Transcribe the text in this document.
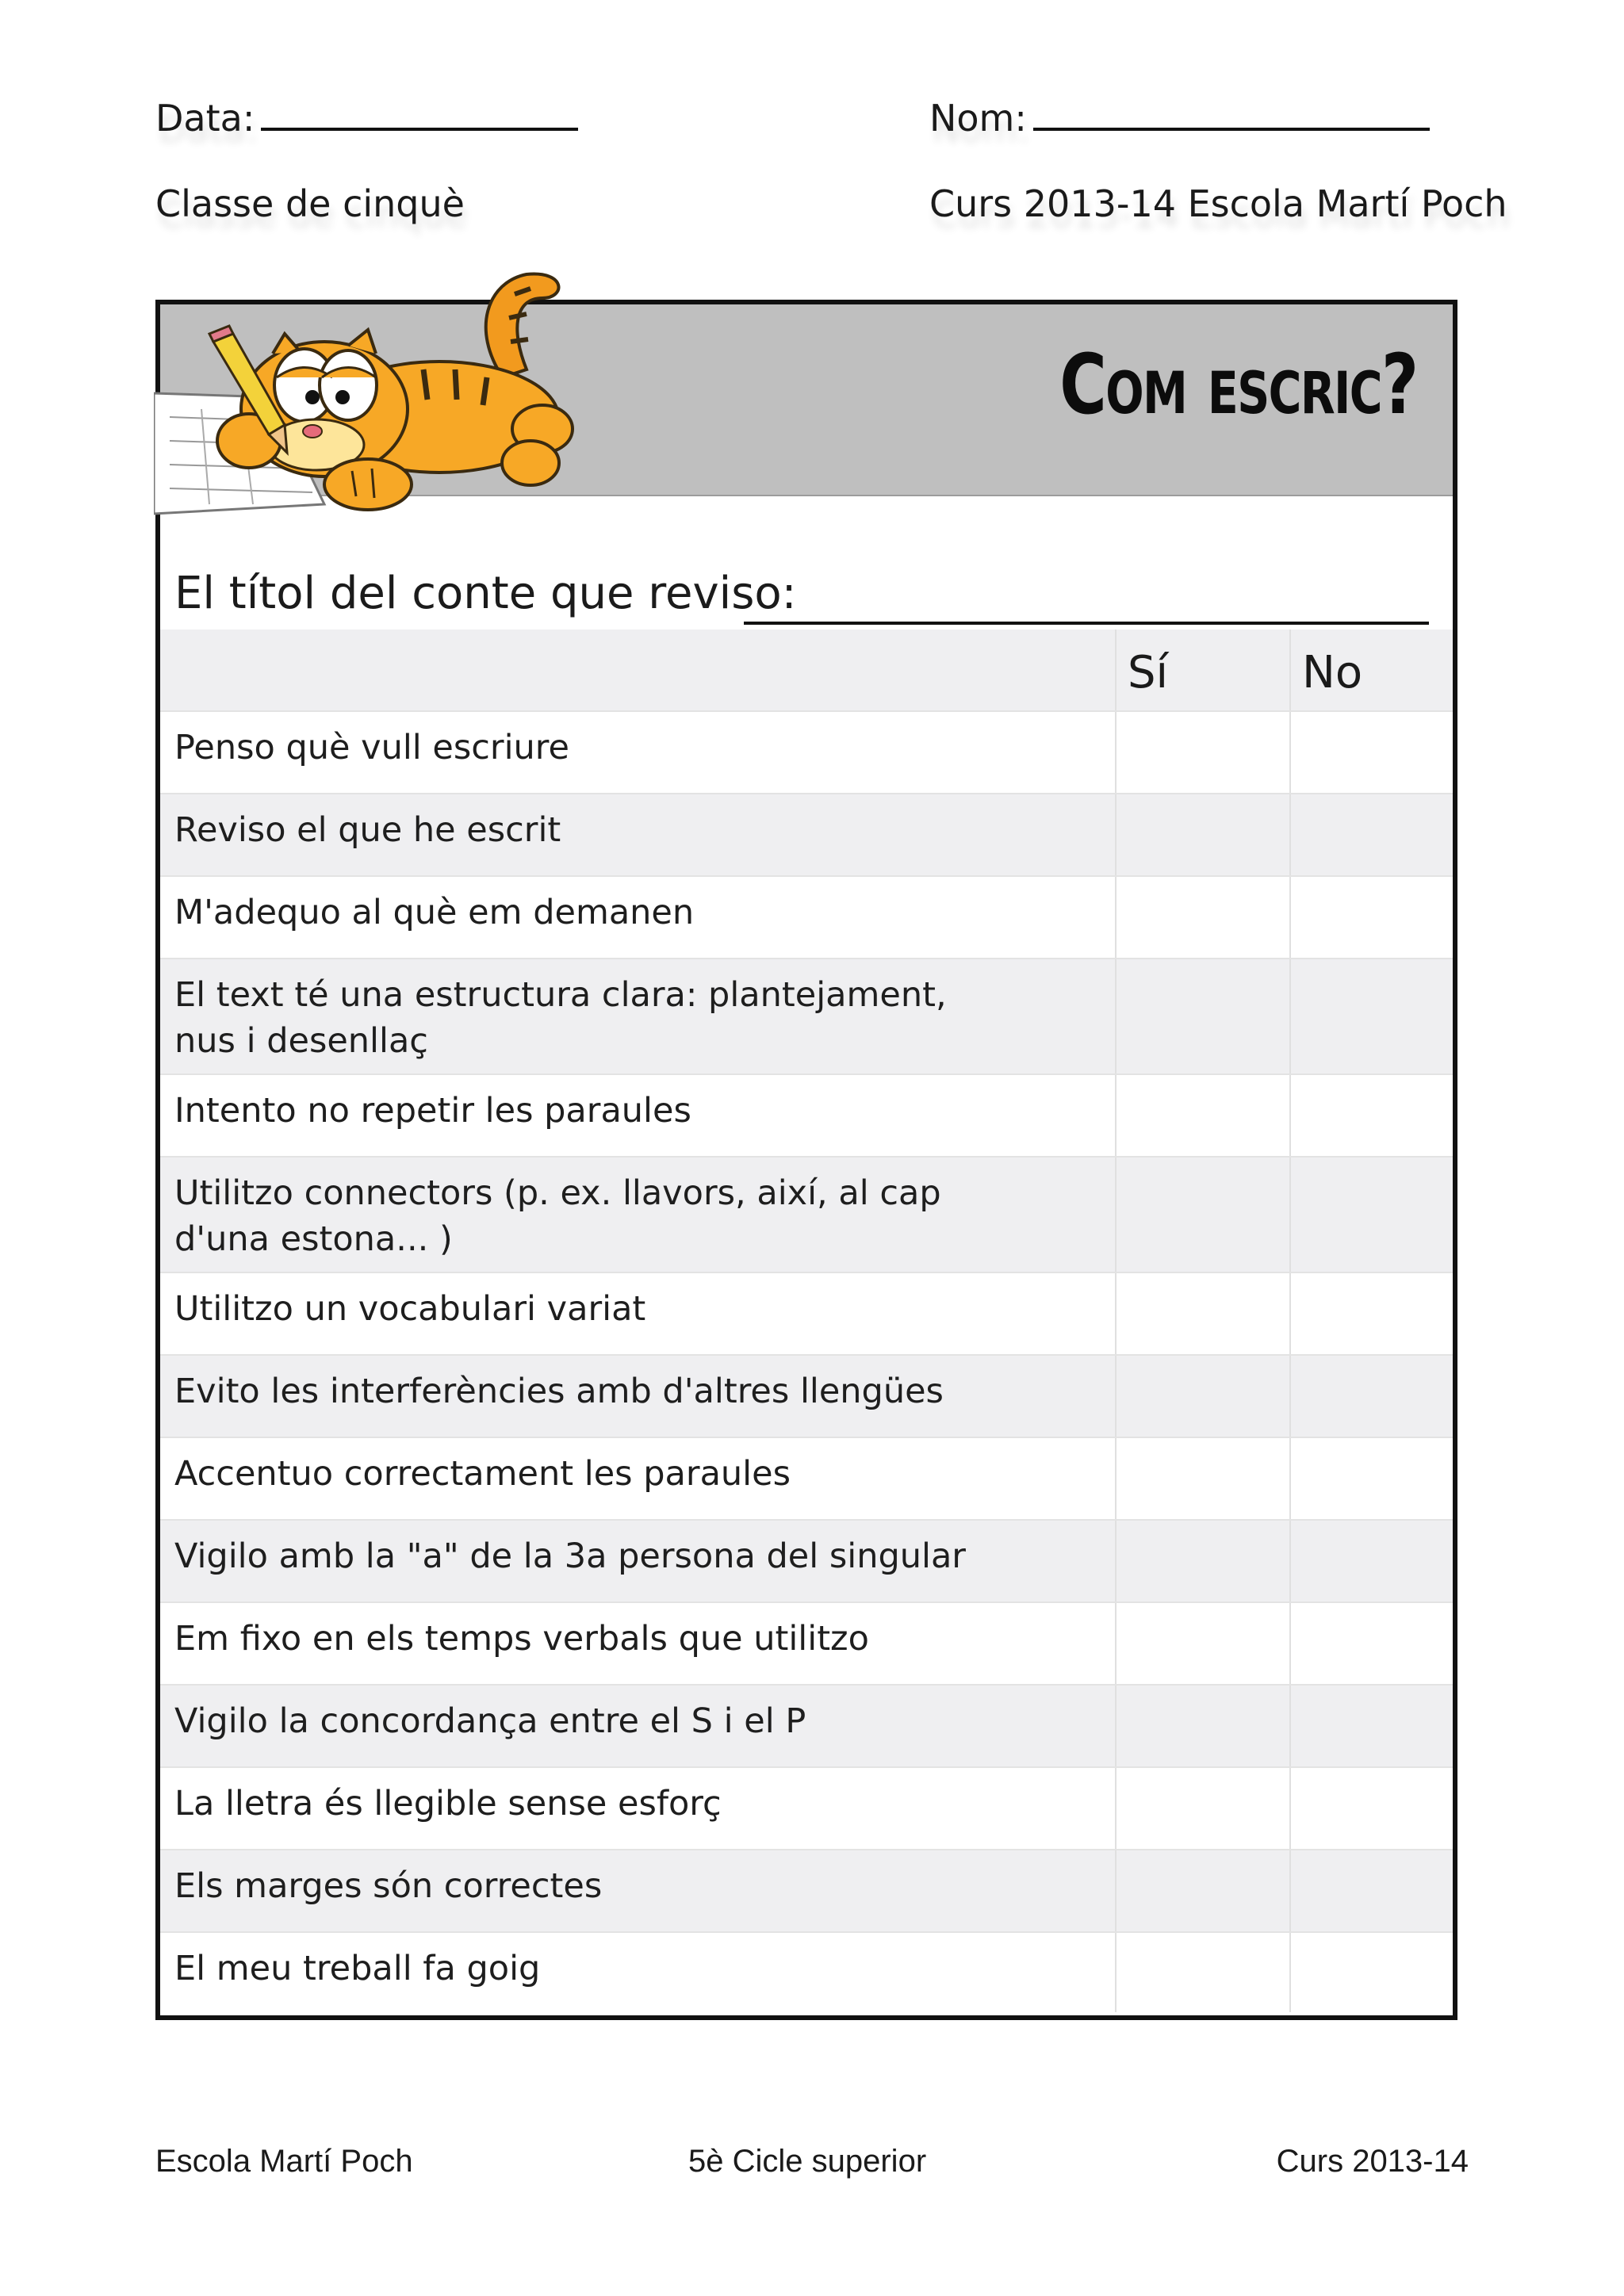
Data:	Nom:
Classe de cinquè	Curs 2013-14 Escola Martí Poch
Com escric?
El títol del conte que reviso:
Sí	No
Penso què vull escriure
Reviso el que he escrit
M'adequo al què em demanen
El text té una estructura clara: plantejament, nus i desenllaç
Intento no repetir les paraules
Utilitzo connectors (p. ex. llavors, així, al cap d'una estona... )
Utilitzo un vocabulari variat
Evito les interferències amb d'altres llengües
Accentuo correctament les paraules
Vigilo amb la "a" de la 3a persona del singular
Em fixo en els temps verbals que utilitzo
Vigilo la concordança entre el S i el P
La lletra és llegible sense esforç
Els marges són correctes
El meu treball fa goig
Escola Martí Poch	5è Cicle superior	Curs 2013-14
